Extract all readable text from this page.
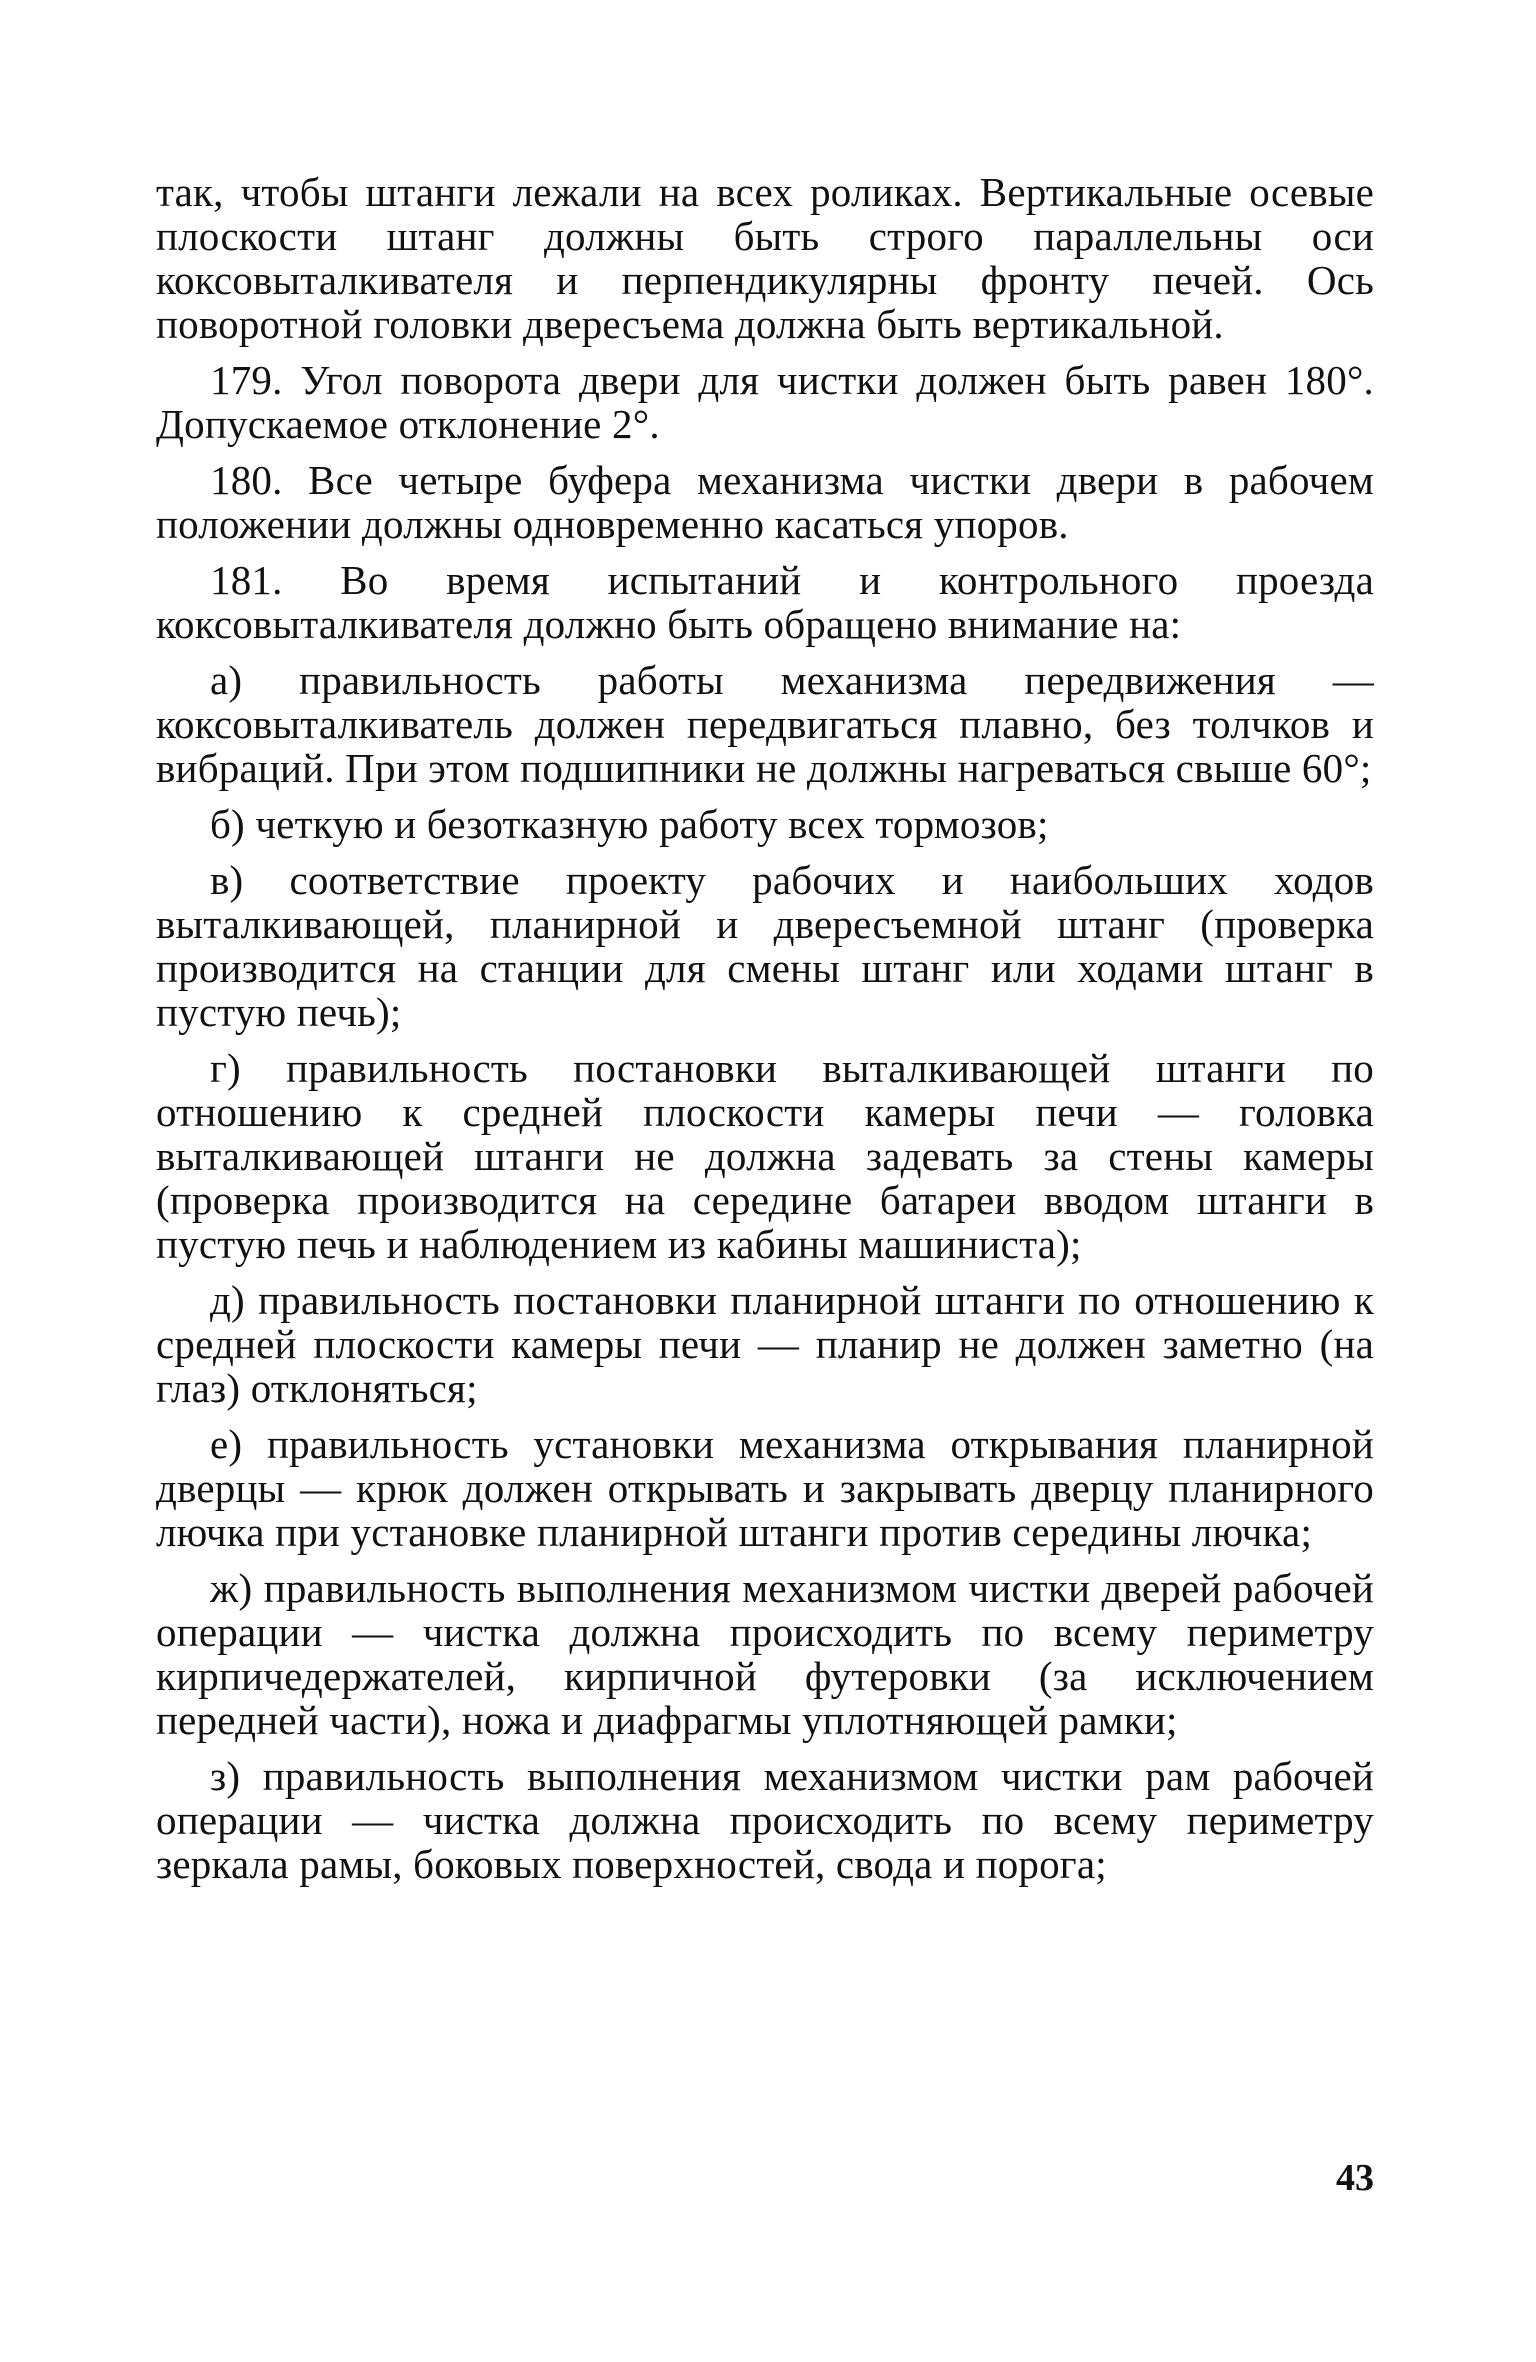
так, чтобы штанги лежали на всех роликах. Вертикальные осевые плоскости штанг должны быть строго параллельны оси коксовыталкивателя и перпендикулярны фронту печей. Ось поворотной головки двересъема должна быть вертикальной.

179. Угол поворота двери для чистки должен быть равен 180°. Допускаемое отклонение 2°.

180. Все четыре буфера механизма чистки двери в рабочем положении должны одновременно касаться упоров.

181. Во время испытаний и контрольного проезда коксовыталкивателя должно быть обращено внимание на:

а) правильность работы механизма передвижения — коксовыталкиватель должен передвигаться плавно, без толчков и вибраций. При этом подшипники не должны нагреваться свыше 60°;

б) четкую и безотказную работу всех тормозов;

в) соответствие проекту рабочих и наибольших ходов выталкивающей, планирной и двересъемной штанг (проверка производится на станции для смены штанг или ходами штанг в пустую печь);

г) правильность постановки выталкивающей штанги по отношению к средней плоскости камеры печи — головка выталкивающей штанги не должна задевать за стены камеры (проверка производится на середине батареи вводом штанги в пустую печь и наблюдением из кабины машиниста);

д) правильность постановки планирной штанги по отношению к средней плоскости камеры печи — планир не должен заметно (на глаз) отклоняться;

е) правильность установки механизма открывания планирной дверцы — крюк должен открывать и закрывать дверцу планирного лючка при установке планирной штанги против середины лючка;

ж) правильность выполнения механизмом чистки дверей рабочей операции — чистка должна происходить по всему периметру кирпичедержателей, кирпичной футеровки (за исключением передней части), ножа и диафрагмы уплотняющей рамки;

з) правильность выполнения механизмом чистки рам рабочей операции — чистка должна происходить по всему периметру зеркала рамы, боковых поверхностей, свода и порога;

43
